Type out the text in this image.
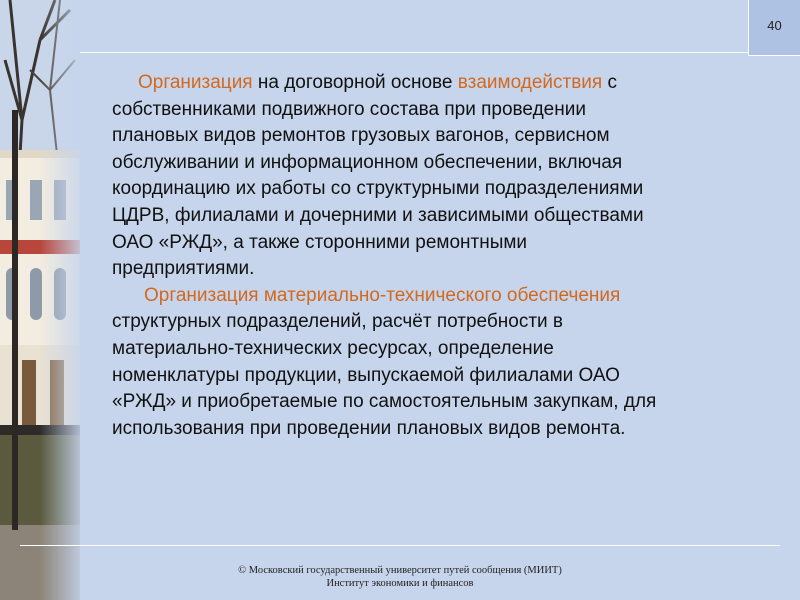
40
Организация на договорной основе взаимодействия с
собственниками подвижного состава при проведении
плановых видов ремонтов грузовых вагонов, сервисном
обслуживании и информационном обеспечении, включая
координацию их работы со структурными подразделениями
ЦДРВ, филиалами и дочерними и зависимыми обществами
ОАО «РЖД», а также сторонними ремонтными
предприятиями.
Организация материально-технического обеспечения
структурных подразделений, расчёт потребности в
материально-технических ресурсах, определение
номенклатуры продукции, выпускаемой филиалами ОАО
«РЖД» и приобретаемые по самостоятельным закупкам, для
использования при проведении плановых видов ремонта.
© Московский государственный университет путей сообщения (МИИТ)
Институт экономики и финансов
